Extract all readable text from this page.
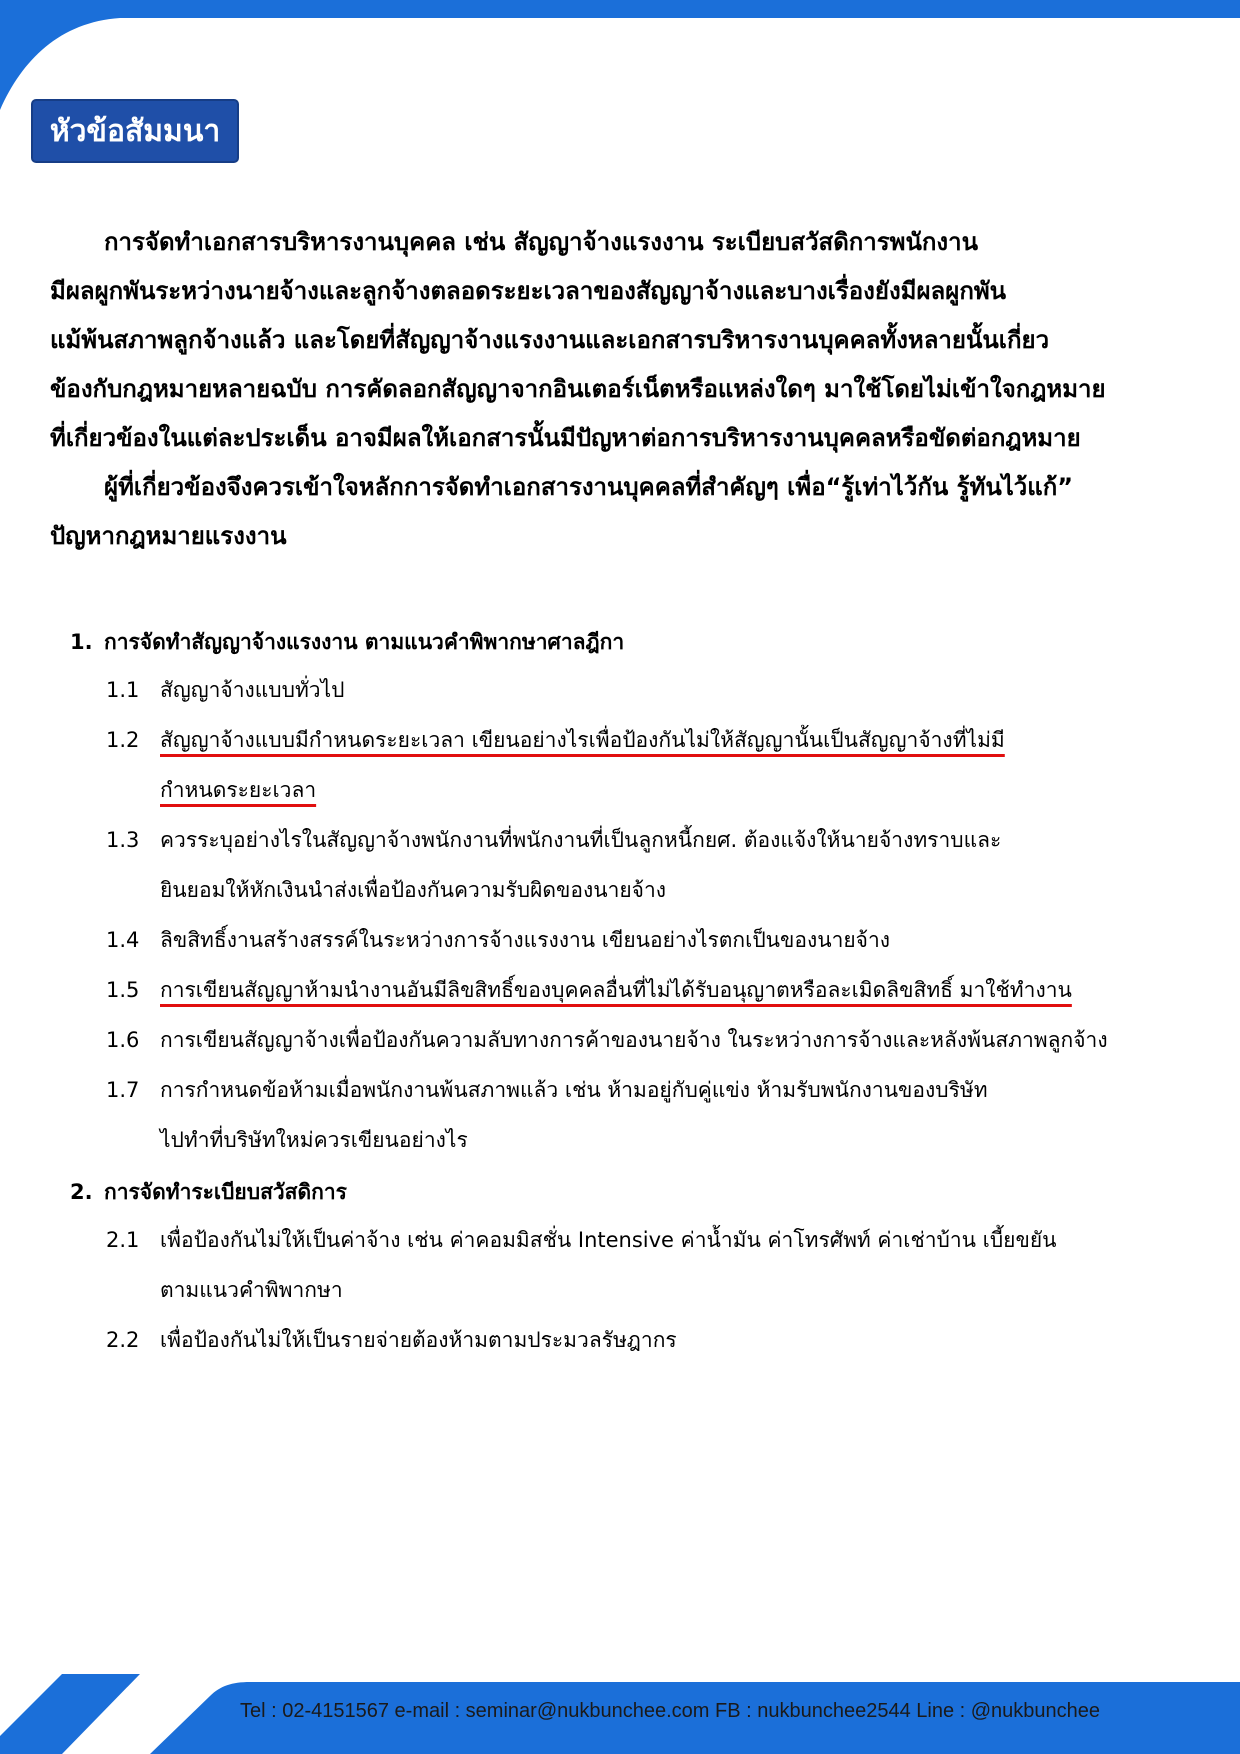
หัวข้อสัมมนา
การจัดทำเอกสารบริหารงานบุคคล เช่น สัญญาจ้างแรงงาน ระเบียบสวัสดิการพนักงาน
มีผลผูกพันระหว่างนายจ้างและลูกจ้างตลอดระยะเวลาของสัญญาจ้างและบางเรื่องยังมีผลผูกพัน
แม้พ้นสภาพลูกจ้างแล้ว และโดยที่สัญญาจ้างแรงงานและเอกสารบริหารงานบุคคลทั้งหลายนั้นเกี่ยว
ข้องกับกฎหมายหลายฉบับ การคัดลอกสัญญาจากอินเตอร์เน็ตหรือแหล่งใดๆ มาใช้โดยไม่เข้าใจกฎหมาย
ที่เกี่ยวข้องในแต่ละประเด็น อาจมีผลให้เอกสารนั้นมีปัญหาต่อการบริหารงานบุคคลหรือขัดต่อกฎหมาย
ผู้ที่เกี่ยวข้องจึงควรเข้าใจหลักการจัดทำเอกสารงานบุคคลที่สำคัญๆ เพื่อ“รู้เท่าไว้กัน รู้ทันไว้แก้”
ปัญหากฎหมายแรงงาน
1. การจัดทำสัญญาจ้างแรงงาน ตามแนวคำพิพากษาศาลฎีกา
1.1 สัญญาจ้างแบบทั่วไป
1.2 สัญญาจ้างแบบมีกำหนดระยะเวลา เขียนอย่างไรเพื่อป้องกันไม่ให้สัญญานั้นเป็นสัญญาจ้างที่ไม่มี
กำหนดระยะเวลา
1.3 ควรระบุอย่างไรในสัญญาจ้างพนักงานที่พนักงานที่เป็นลูกหนี้กยศ. ต้องแจ้งให้นายจ้างทราบและ
ยินยอมให้หักเงินนำส่งเพื่อป้องกันความรับผิดของนายจ้าง
1.4 ลิขสิทธิ์งานสร้างสรรค์ในระหว่างการจ้างแรงงาน เขียนอย่างไรตกเป็นของนายจ้าง
1.5 การเขียนสัญญาห้ามนำงานอันมีลิขสิทธิ์ของบุคคลอื่นที่ไม่ได้รับอนุญาตหรือละเมิดลิขสิทธิ์ มาใช้ทำงาน
1.6 การเขียนสัญญาจ้างเพื่อป้องกันความลับทางการค้าของนายจ้าง ในระหว่างการจ้างและหลังพ้นสภาพลูกจ้าง
1.7 การกำหนดข้อห้ามเมื่อพนักงานพ้นสภาพแล้ว เช่น ห้ามอยู่กับคู่แข่ง ห้ามรับพนักงานของบริษัท
ไปทำที่บริษัทใหม่ควรเขียนอย่างไร
2. การจัดทำระเบียบสวัสดิการ
2.1 เพื่อป้องกันไม่ให้เป็นค่าจ้าง เช่น ค่าคอมมิสชั่น Intensive ค่าน้ำมัน ค่าโทรศัพท์ ค่าเช่าบ้าน เบี้ยขยัน
ตามแนวคำพิพากษา
2.2 เพื่อป้องกันไม่ให้เป็นรายจ่ายต้องห้ามตามประมวลรัษฎากร
Tel : 02-4151567 e-mail : seminar@nukbunchee.com FB : nukbunchee2544 Line : @nukbunchee
